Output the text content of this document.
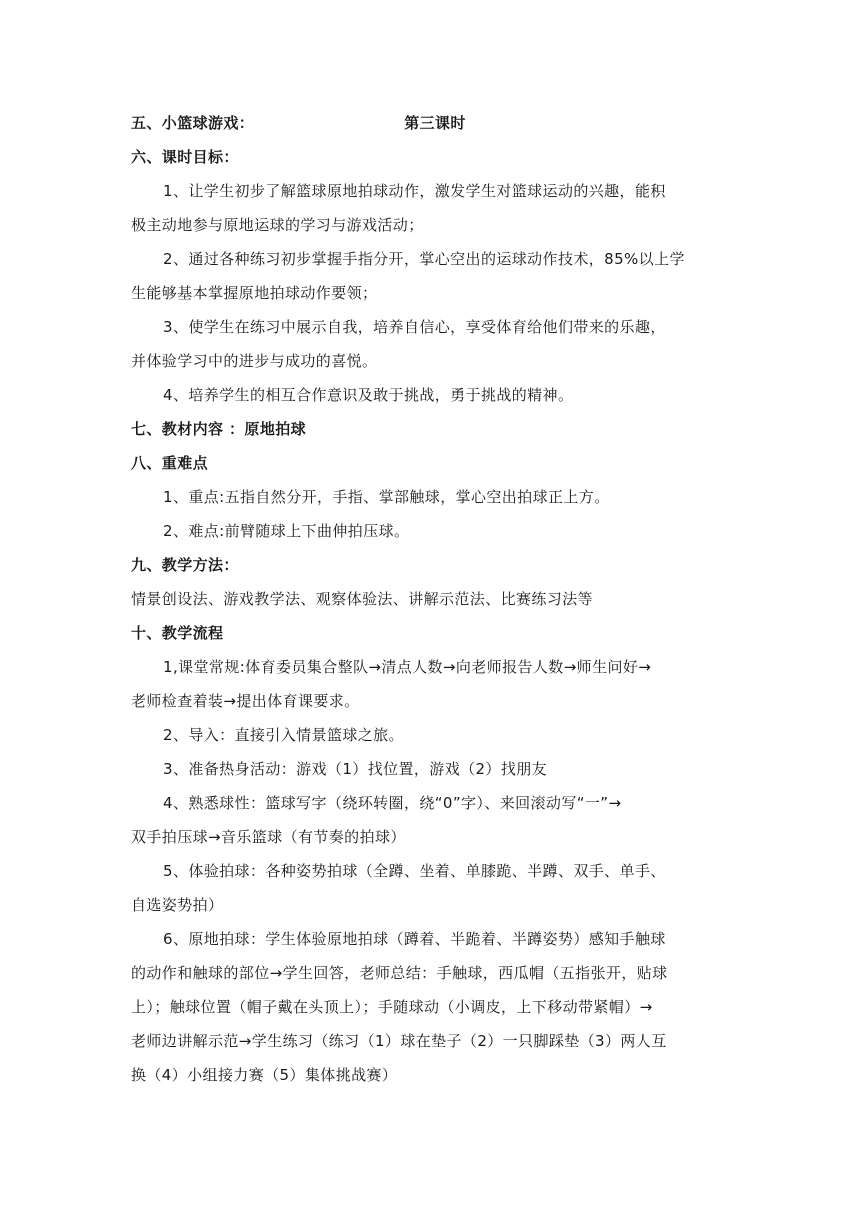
五、小篮球游戏：	第三课时
六、课时目标：
1、让学生初步了解篮球原地拍球动作，激发学生对篮球运动的兴趣，能积
极主动地参与原地运球的学习与游戏活动；
2、通过各种练习初步掌握手指分开，掌心空出的运球动作技术，85%以上学
生能够基本掌握原地拍球动作要领；
3、使学生在练习中展示自我，培养自信心，享受体育给他们带来的乐趣，
并体验学习中的进步与成功的喜悦。
4、培养学生的相互合作意识及敢于挑战，勇于挑战的精神。
七、教材内容 ：原地拍球
八、重难点
1、重点:五指自然分开，手指、掌部触球，掌心空出拍球正上方。
2、难点:前臂随球上下曲伸拍压球。
九、教学方法：
情景创设法、游戏教学法、观察体验法、讲解示范法、比赛练习法等
十、教学流程
1,课堂常规:体育委员集合整队→清点人数→向老师报告人数→师生问好→
老师检查着装→提出体育课要求。
2、导入：直接引入情景篮球之旅。
3、准备热身活动：游戏（1）找位置，游戏（2）找朋友
4、熟悉球性：篮球写字（绕环转圈，绕“0”字）、来回滚动写“一”→
双手拍压球→音乐篮球（有节奏的拍球）
5、体验拍球：各种姿势拍球（全蹲、坐着、单膝跪、半蹲、双手、单手、
自选姿势拍）
6、原地拍球：学生体验原地拍球（蹲着、半跪着、半蹲姿势）感知手触球
的动作和触球的部位→学生回答，老师总结：手触球，西瓜帽（五指张开，贴球
上）；触球位置（帽子戴在头顶上）；手随球动（小调皮，上下移动带紧帽）→
老师边讲解示范→学生练习（练习（1）球在垫子（2）一只脚踩垫（3）两人互
换（4）小组接力赛（5）集体挑战赛）
